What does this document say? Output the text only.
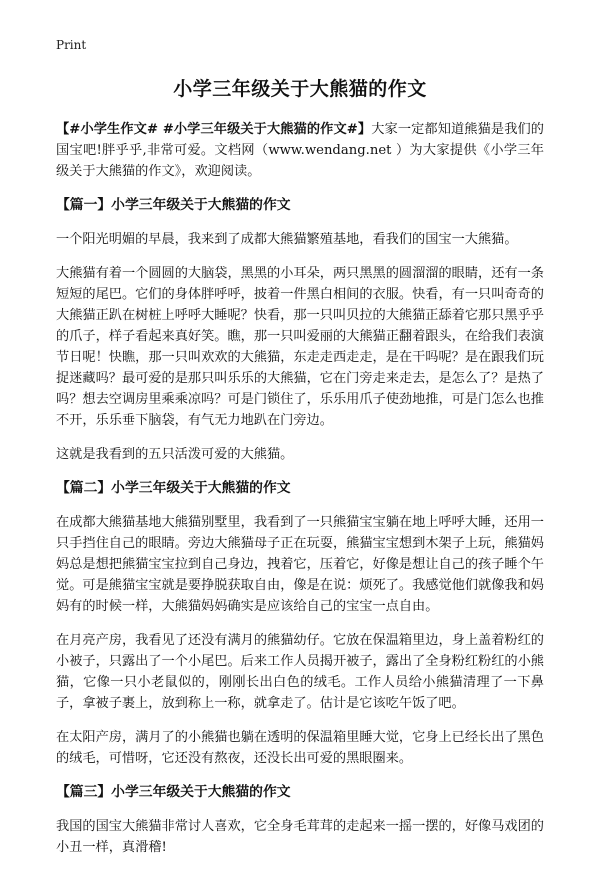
Print
小学三年级关于大熊猫的作文

【#小学生作文# #小学三年级关于大熊猫的作文#】大家一定都知道熊猫是我们的国宝吧!胖乎乎,非常可爱。文档网（www.wendang.net ）为大家提供《小学三年级关于大熊猫的作文》，欢迎阅读。

【篇一】小学三年级关于大熊猫的作文

一个阳光明媚的早晨，我来到了成都大熊猫繁殖基地，看我们的国宝一大熊猫。

大熊猫有着一个圆圆的大脑袋，黑黑的小耳朵，两只黑黑的圆溜溜的眼睛，还有一条短短的尾巴。它们的身体胖呼呼，披着一件黑白相间的衣服。快看，有一只叫奇奇的大熊猫正趴在树桩上呼呼大睡呢？快看，那一只叫贝拉的大熊猫正舔着它那只黑乎乎的爪子，样子看起来真好笑。瞧，那一只叫爱丽的大熊猫正翻着跟头，在给我们表演节日呢！快瞧，那一只叫欢欢的大熊猫，东走走西走走，是在干吗呢？是在跟我们玩捉迷藏吗？最可爱的是那只叫乐乐的大熊猫，它在门旁走来走去，是怎么了？是热了吗？想去空调房里乘乘凉吗？可是门锁住了，乐乐用爪子使劲地推，可是门怎么也推不开，乐乐垂下脑袋，有气无力地趴在门旁边。

这就是我看到的五只活泼可爱的大熊猫。

【篇二】小学三年级关于大熊猫的作文

在成都大熊猫基地大熊猫别墅里，我看到了一只熊猫宝宝躺在地上呼呼大睡，还用一只手挡住自己的眼睛。旁边大熊猫母子正在玩耍，熊猫宝宝想到木架子上玩，熊猫妈妈总是想把熊猫宝宝拉到自己身边，拽着它，压着它，好像是想让自己的孩子睡个午觉。可是熊猫宝宝就是要挣脱获取自由，像是在说：烦死了。我感觉他们就像我和妈妈有的时候一样，大熊猫妈妈确实是应该给自己的宝宝一点自由。

在月亮产房，我看见了还没有满月的熊猫幼仔。它放在保温箱里边，身上盖着粉红的小被子，只露出了一个小尾巴。后来工作人员揭开被子，露出了全身粉红粉红的小熊猫，它像一只小老鼠似的，刚刚长出白色的绒毛。工作人员给小熊猫清理了一下鼻子，拿被子裹上，放到称上一称，就拿走了。估计是它该吃午饭了吧。

在太阳产房，满月了的小熊猫也躺在透明的保温箱里睡大觉，它身上已经长出了黑色的绒毛，可惜呀，它还没有熬夜，还没长出可爱的黑眼圈来。

【篇三】小学三年级关于大熊猫的作文

我国的国宝大熊猫非常讨人喜欢，它全身毛茸茸的走起来一摇一摆的，好像马戏团的小丑一样，真滑稽!
